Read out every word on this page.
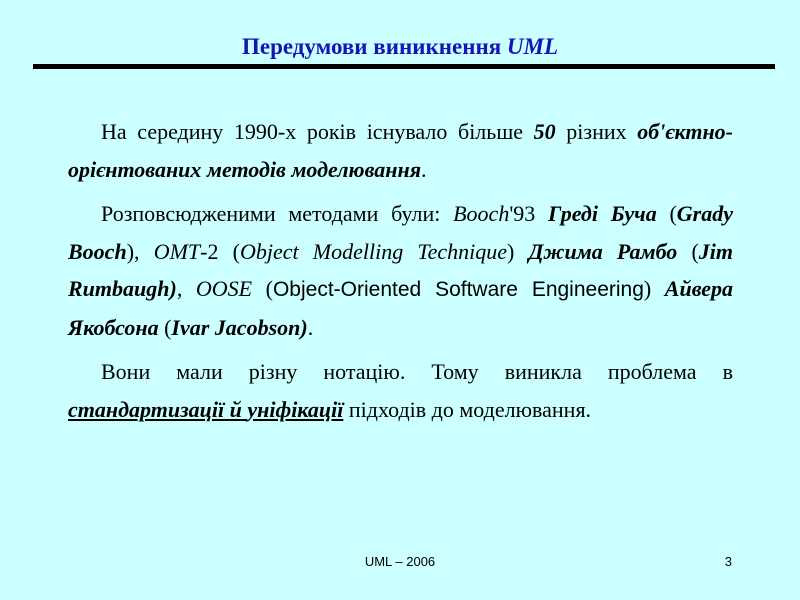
Передумови виникнення UML

На середину 1990-х років існувало більше 50 різних об'єктно-орієнтованих методів моделювання.

Розповсюдженими методами були: Booch'93 Греді Буча (Grady Booch), OMT-2 (Object Modelling Technique) Джима Рамбо (Jim Rumbaugh), OOSE (Object-Oriented Software Engineering) Айвера Якобсона (Ivar Jacobson).

Вони мали різну нотацію. Тому виникла проблема в стандартизації й уніфікації підходів до моделювання.

UML – 2006	3
